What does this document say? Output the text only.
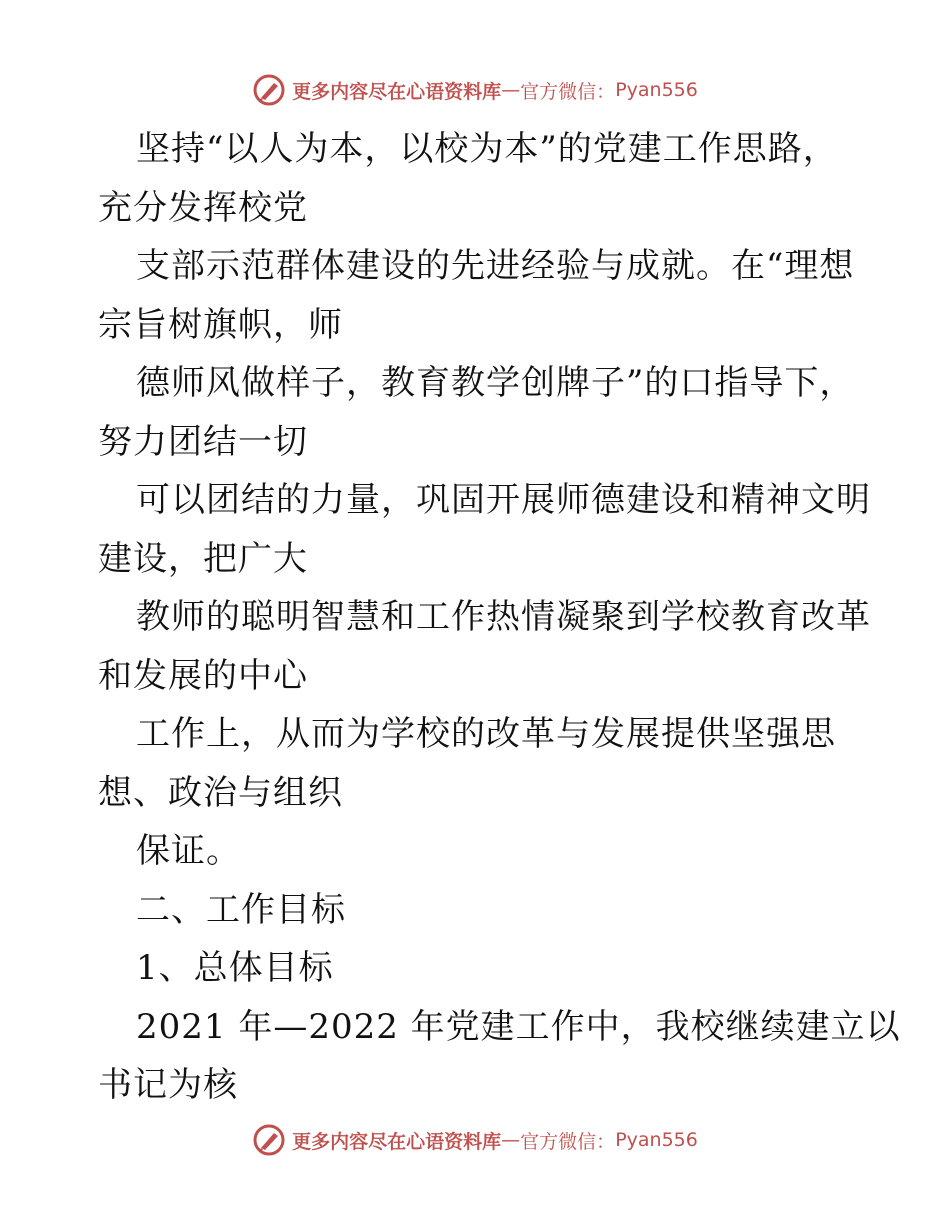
更多内容尽在心语资料库 — 官方微信： Pyan556
坚持“以人为本，以校为本”的党建工作思路，
充分发挥校党
支部示范群体建设的先进经验与成就。在“理想
宗旨树旗帜，师
德师风做样子，教育教学创牌子”的口指导下，
努力团结一切
可以团结的力量，巩固开展师德建设和精神文明
建设，把广大
教师的聪明智慧和工作热情凝聚到学校教育改革
和发展的中心
工作上，从而为学校的改革与发展提供坚强思
想、政治与组织
保证。
二、工作目标
1、总体目标
2021 年—2022 年党建工作中，我校继续建立以
书记为核
更多内容尽在心语资料库 — 官方微信： Pyan556
